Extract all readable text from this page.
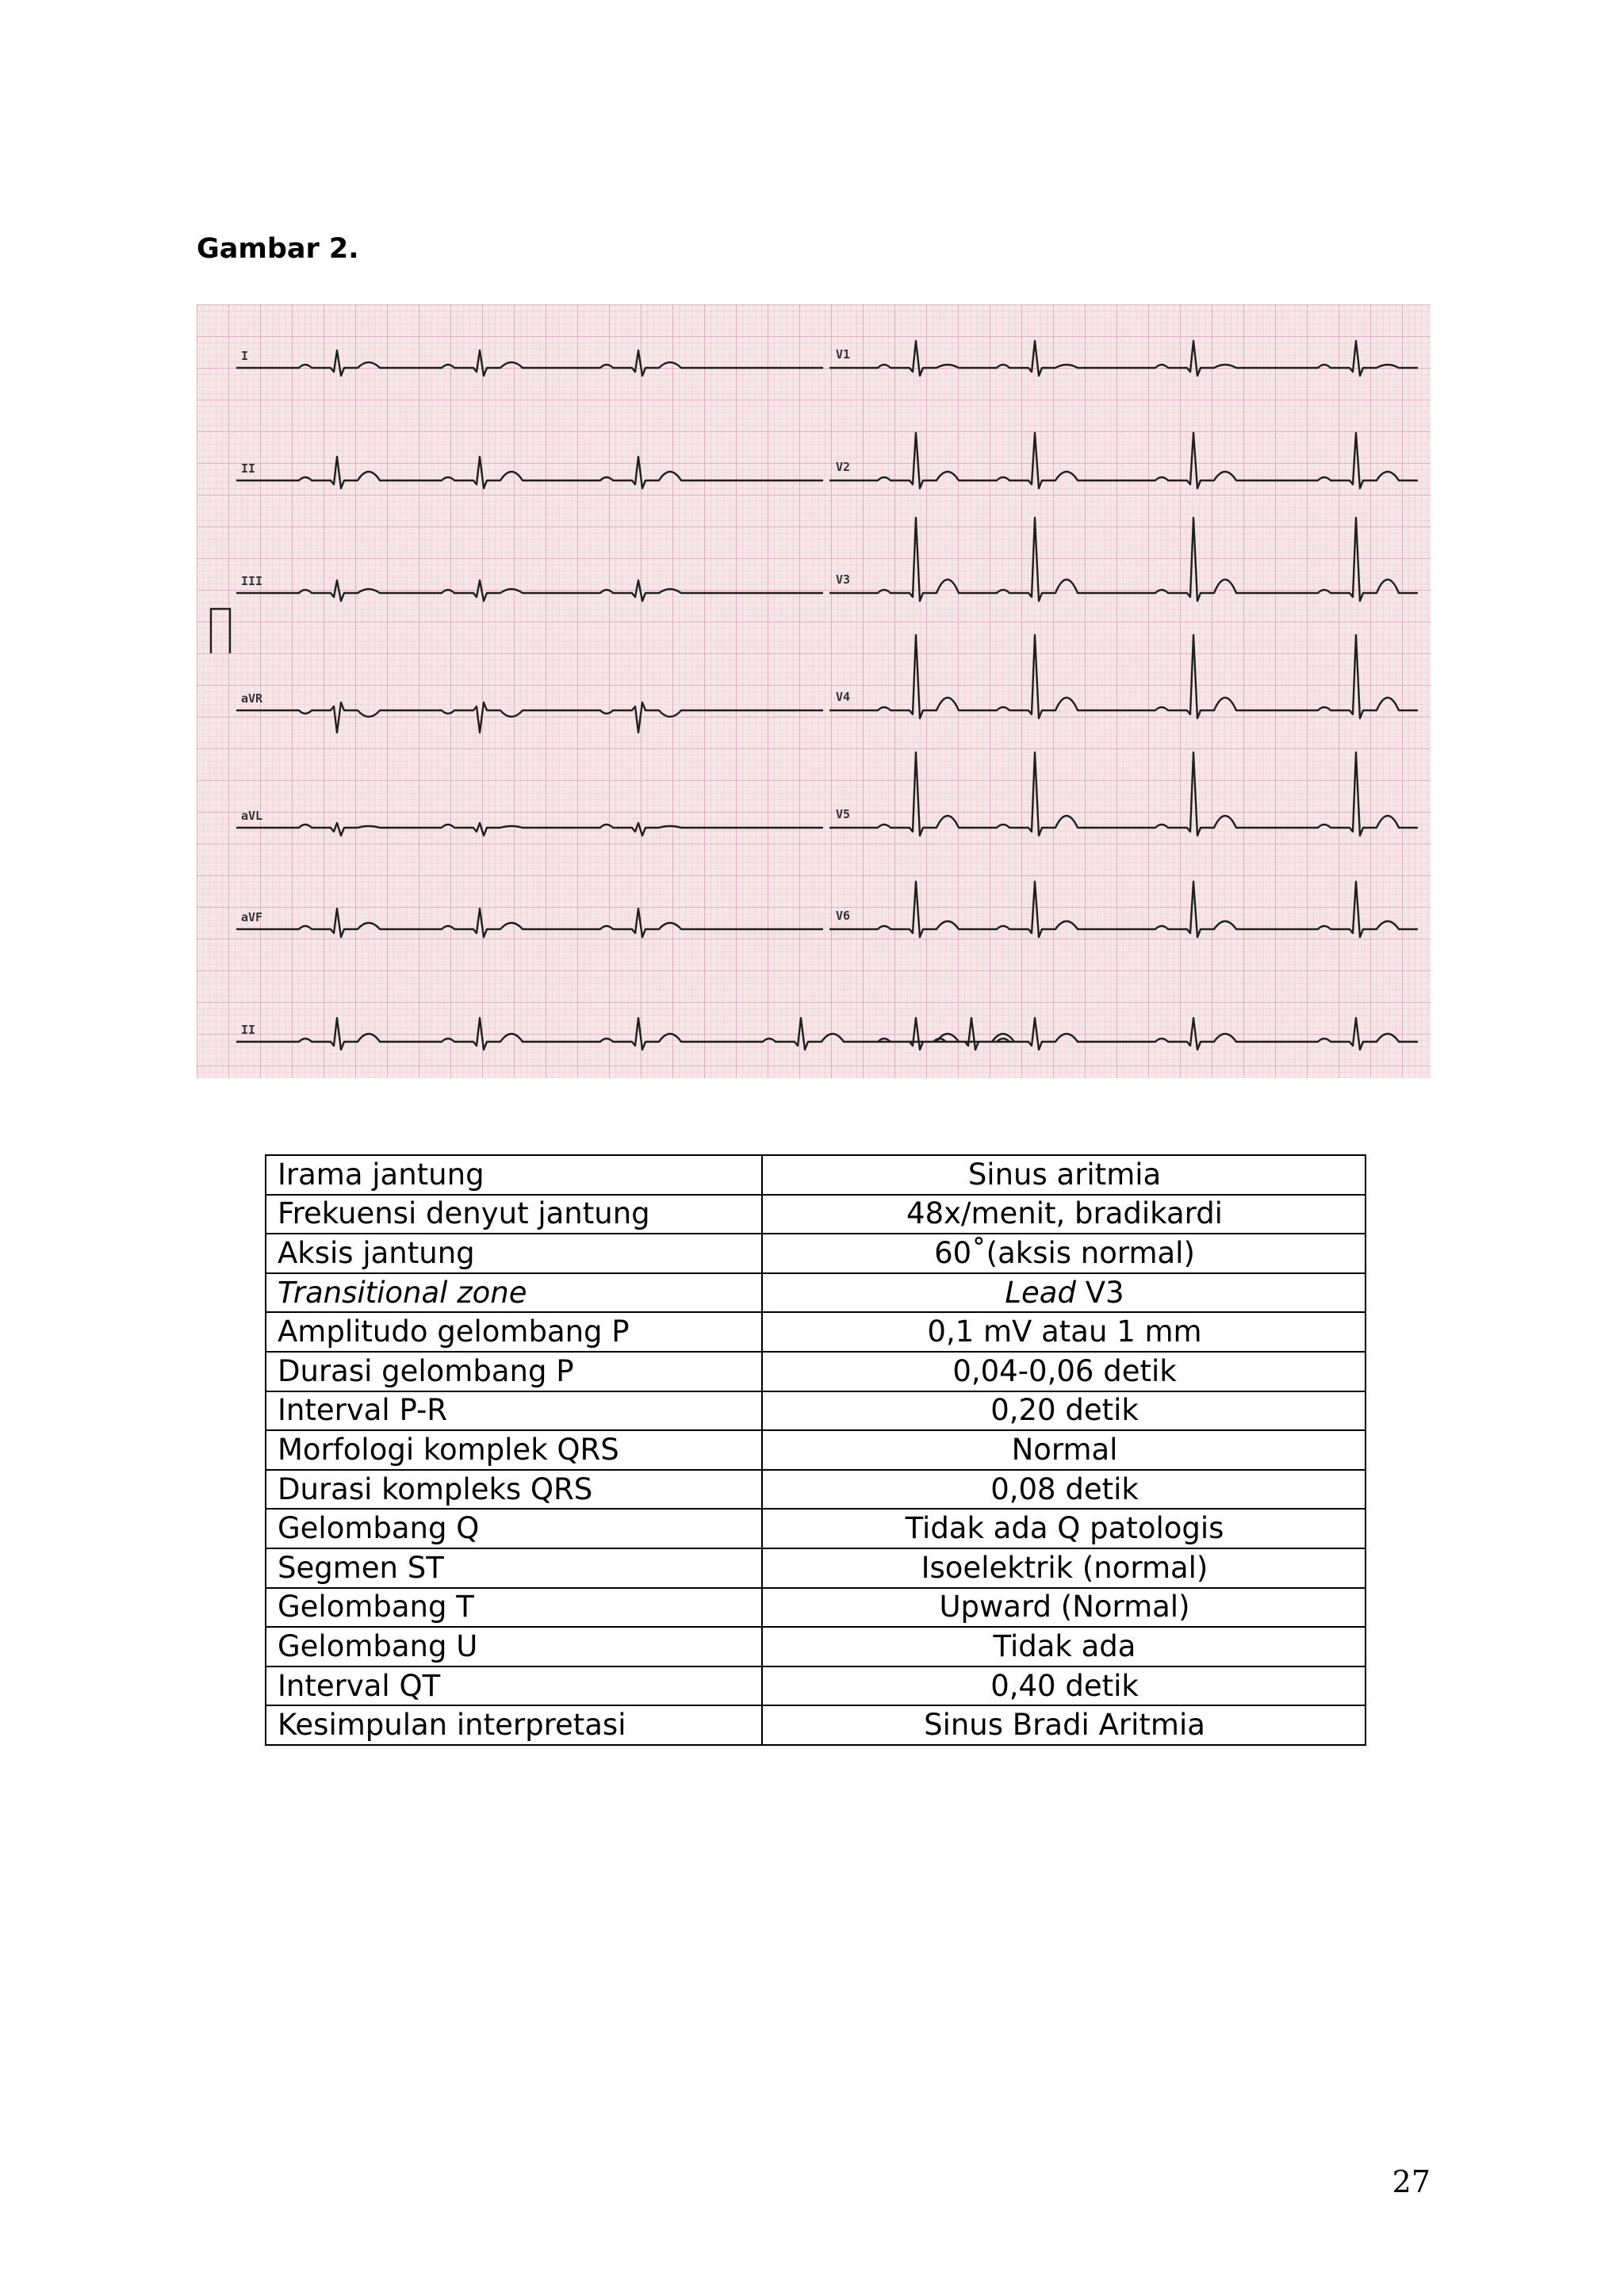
Gambar 2.

I
II
III
aVR
aVL
aVF
II
V1
V2
V3
V4
V5
V6
Irama jantung	Sinus aritmia
Frekuensi denyut jantung	48x/menit, bradikardi
Aksis jantung	60˚(aksis normal)
Transitional zone	Lead V3
Amplitudo gelombang P	0,1 mV atau 1 mm
Durasi gelombang P	0,04-0,06 detik
Interval P-R	0,20 detik
Morfologi komplek QRS	Normal
Durasi kompleks QRS	0,08 detik
Gelombang Q	Tidak ada Q patologis
Segmen ST	Isoelektrik (normal)
Gelombang T	Upward (Normal)
Gelombang U	Tidak ada
Interval QT	0,40 detik
Kesimpulan interpretasi	Sinus Bradi Aritmia

27
